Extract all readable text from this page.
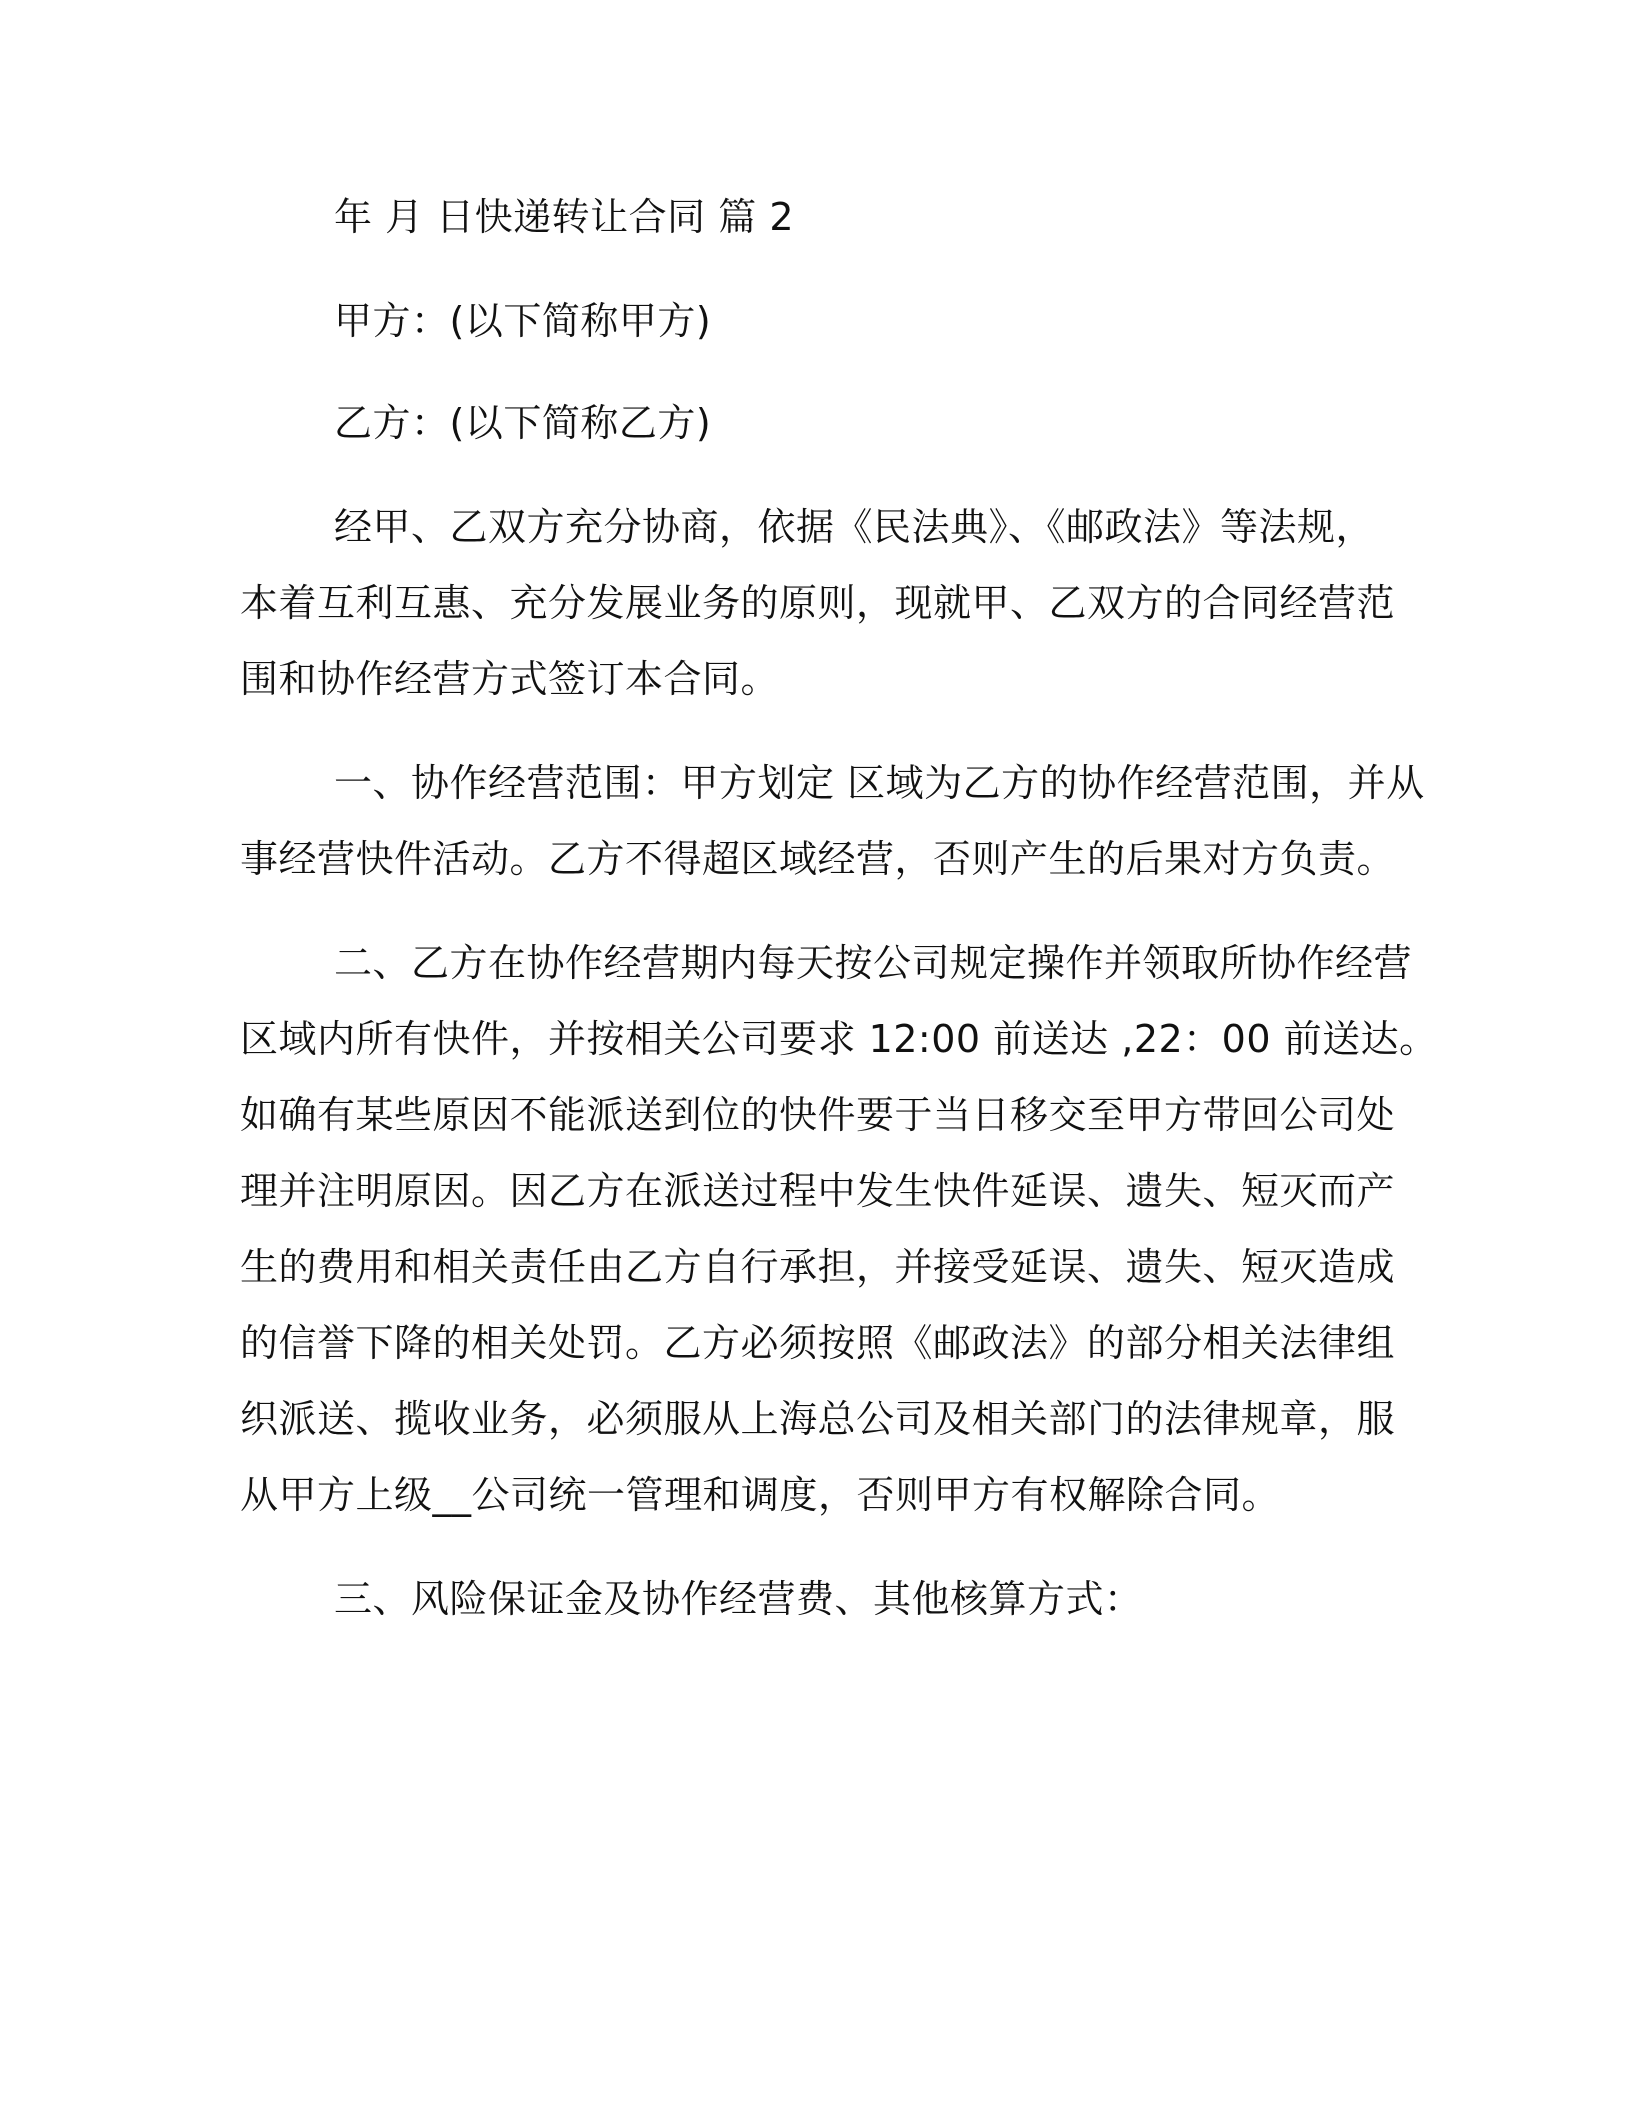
年 月 日快递转让合同 篇 2
甲方：(以下简称甲方)
乙方：(以下简称乙方)
经甲、乙双方充分协商，依据《民法典》、《邮政法》等法规，
本着互利互惠、充分发展业务的原则，现就甲、乙双方的合同经营范
围和协作经营方式签订本合同。
一、协作经营范围：甲方划定 区域为乙方的协作经营范围，并从
事经营快件活动。乙方不得超区域经营，否则产生的后果对方负责。
二、乙方在协作经营期内每天按公司规定操作并领取所协作经营
区域内所有快件，并按相关公司要求 12:00 前送达 ,22：00 前送达。
如确有某些原因不能派送到位的快件要于当日移交至甲方带回公司处
理并注明原因。因乙方在派送过程中发生快件延误、遗失、短灭而产
生的费用和相关责任由乙方自行承担，并接受延误、遗失、短灭造成
的信誉下降的相关处罚。乙方必须按照《邮政法》的部分相关法律组
织派送、揽收业务，必须服从上海总公司及相关部门的法律规章，服
从甲方上级__公司统一管理和调度，否则甲方有权解除合同。
三、风险保证金及协作经营费、其他核算方式：
